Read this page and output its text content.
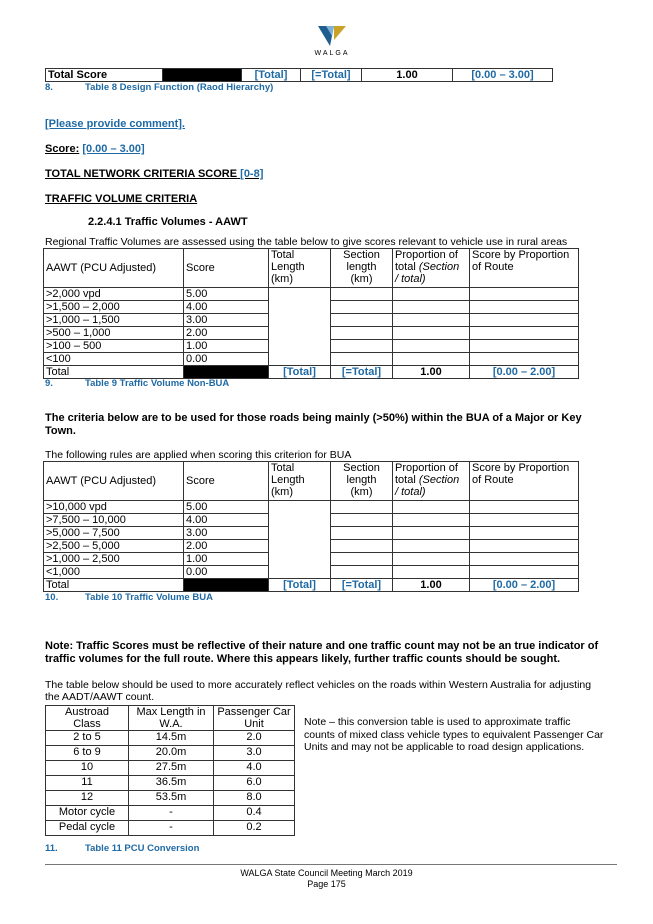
WALGA
Total Score		[Total]	[=Total]	1.00	[0.00 – 3.00]
8.	Table 8 Design Function (Raod Hierarchy)
[Please provide comment].
Score: [0.00 – 3.00]
TOTAL NETWORK CRITERIA SCORE [0-8]
TRAFFIC VOLUME CRITERIA
2.2.4.1 Traffic Volumes - AAWT
Regional Traffic Volumes are assessed using the table below to give scores relevant to vehicle use in rural areas
AAWT (PCU Adjusted)	Score	Total
Length
(km)	Section
length
(km)	Proportion of
total (Section
/ total)	Score by Proportion
of Route
>2,000 vpd	5.00				
>1,500 – 2,000	4.00				
>1,000 – 1,500	3.00				
>500 – 1,000	2.00				
>100 – 500	1.00				
<100	0.00				
Total		[Total]	[=Total]	1.00	[0.00 – 2.00]
9.	Table 9 Traffic Volume Non-BUA
The criteria below are to be used for those roads being mainly (>50%) within the BUA of a Major or Key Town.
The following rules are applied when scoring this criterion for BUA
AAWT (PCU Adjusted)	Score	Total
Length
(km)	Section
length
(km)	Proportion of
total (Section
/ total)	Score by Proportion
of Route
>10,000 vpd	5.00				
>7,500 – 10,000	4.00				
>5,000 – 7,500	3.00				
>2,500 – 5,000	2.00				
>1,000 – 2,500	1.00				
<1,000	0.00				
Total		[Total]	[=Total]	1.00	[0.00 – 2.00]
10.	Table 10 Traffic Volume BUA
Note: Traffic Scores must be reflective of their nature and one traffic count may not be an true indicator of traffic volumes for the full route. Where this appears likely, further traffic counts should be sought.
The table below should be used to more accurately reflect vehicles on the roads within Western Australia for adjusting the AADT/AAWT count.
Austroad
Class	Max Length in
W.A.	Passenger Car
Unit
2 to 5	14.5m	2.0
6 to 9	20.0m	3.0
10	27.5m	4.0
11	36.5m	6.0
12	53.5m	8.0
Motor cycle	-	0.4
Pedal cycle	-	0.2
Note – this conversion table is used to approximate traffic counts of mixed class vehicle types to equivalent Passenger Car Units and may not be applicable to road design applications.
11.	Table 11 PCU Conversion
WALGA State Council Meeting March 2019
Page 175
